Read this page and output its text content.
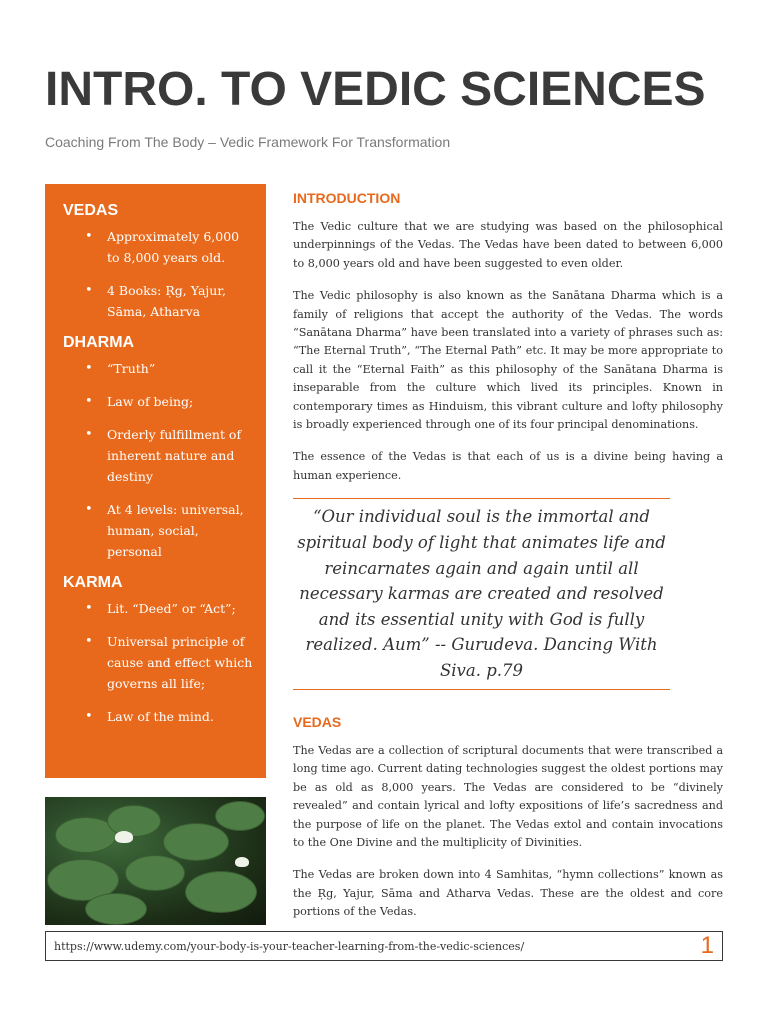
INTRO. TO VEDIC SCIENCES
Coaching From The Body – Vedic Framework For Transformation
VEDAS
• Approximately 6,000 to 8,000 years old.
• 4 Books: Ṛg, Yajur, Sāma, Atharva
DHARMA
• “Truth”
• Law of being;
• Orderly fulfillment of inherent nature and destiny
• At 4 levels: universal, human, social, personal
KARMA
• Lit. “Deed” or “Act”;
• Universal principle of cause and effect which governs all life;
• Law of the mind.
INTRODUCTION

The Vedic culture that we are studying was based on the philosophical underpinnings of the Vedas. The Vedas have been dated to between 6,000 to 8,000 years old and have been suggested to even older.

The Vedic philosophy is also known as the Sanātana Dharma which is a family of religions that accept the authority of the Vedas. The words “Sanātana Dharma” have been translated into a variety of phrases such as: “The Eternal Truth”, “The Eternal Path” etc. It may be more appropriate to call it the “Eternal Faith” as this philosophy of the Sanātana Dharma is inseparable from the culture which lived its principles. Known in contemporary times as Hinduism, this vibrant culture and lofty philosophy is broadly experienced through one of its four principal denominations.

The essence of the Vedas is that each of us is a divine being having a human experience.

“Our individual soul is the immortal and spiritual body of light that animates life and reincarnates again and again until all necessary karmas are created and resolved and its essential unity with God is fully realized. Aum” -- Gurudeva. Dancing With Siva. p.79

VEDAS

The Vedas are a collection of scriptural documents that were transcribed a long time ago. Current dating technologies suggest the oldest portions may be as old as 8,000 years. The Vedas are considered to be “divinely revealed” and contain lyrical and lofty expositions of life’s sacredness and the purpose of life on the planet. The Vedas extol and contain invocations to the One Divine and the multiplicity of Divinities.

The Vedas are broken down into 4 Samhitas, “hymn collections” known as the Ṛg, Yajur, Sāma and Atharva Vedas. These are the oldest and core portions of the Vedas.

https://www.udemy.com/your-body-is-your-teacher-learning-from-the-vedic-sciences/	1
